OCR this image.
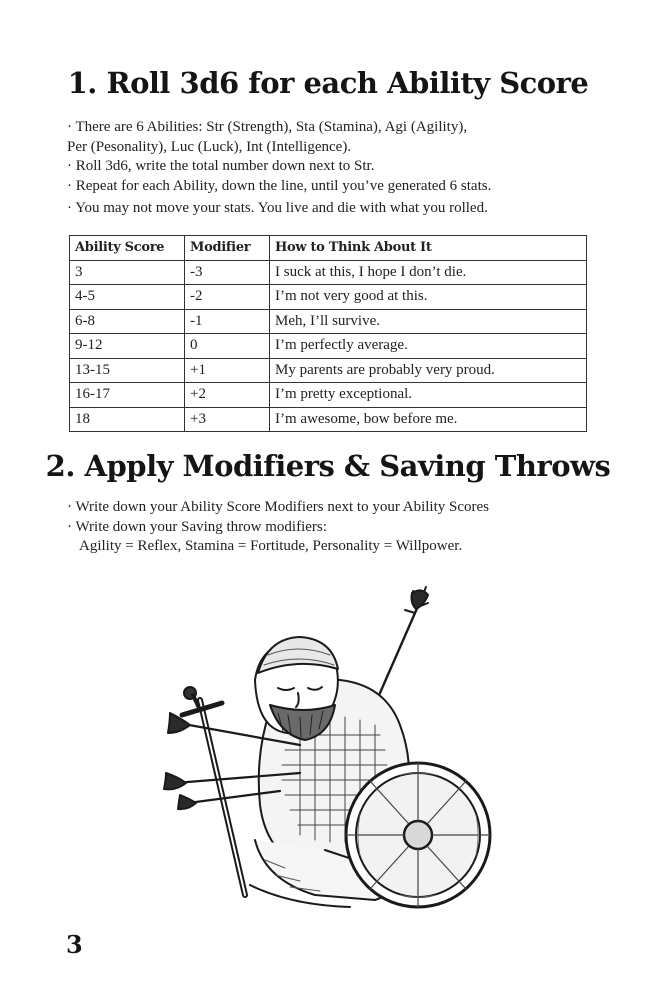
1. Roll 3d6 for each Ability Score
· There are 6 Abilities: Str (Strength), Sta (Stamina), Agi (Agility),
Per (Pesonality), Luc (Luck), Int (Intelligence).
· Roll 3d6, write the total number down next to Str.
· Repeat for each Ability, down the line, until you’ve generated 6 stats.
· You may not move your stats. You live and die with what you rolled.
Ability Score	Modifier	How to Think About It
3	-3	I suck at this, I hope I don’t die.
4-5	-2	I’m not very good at this.
6-8	-1	Meh, I’ll survive.
9-12	0	I’m perfectly average.
13-15	+1	My parents are probably very proud.
16-17	+2	I’m pretty exceptional.
18	+3	I’m awesome, bow before me.
2. Apply Modifiers & Saving Throws
· Write down your Ability Score Modifiers next to your Ability Scores
· Write down your Saving throw modifiers:
Agility = Reflex, Stamina = Fortitude, Personality = Willpower.
3
